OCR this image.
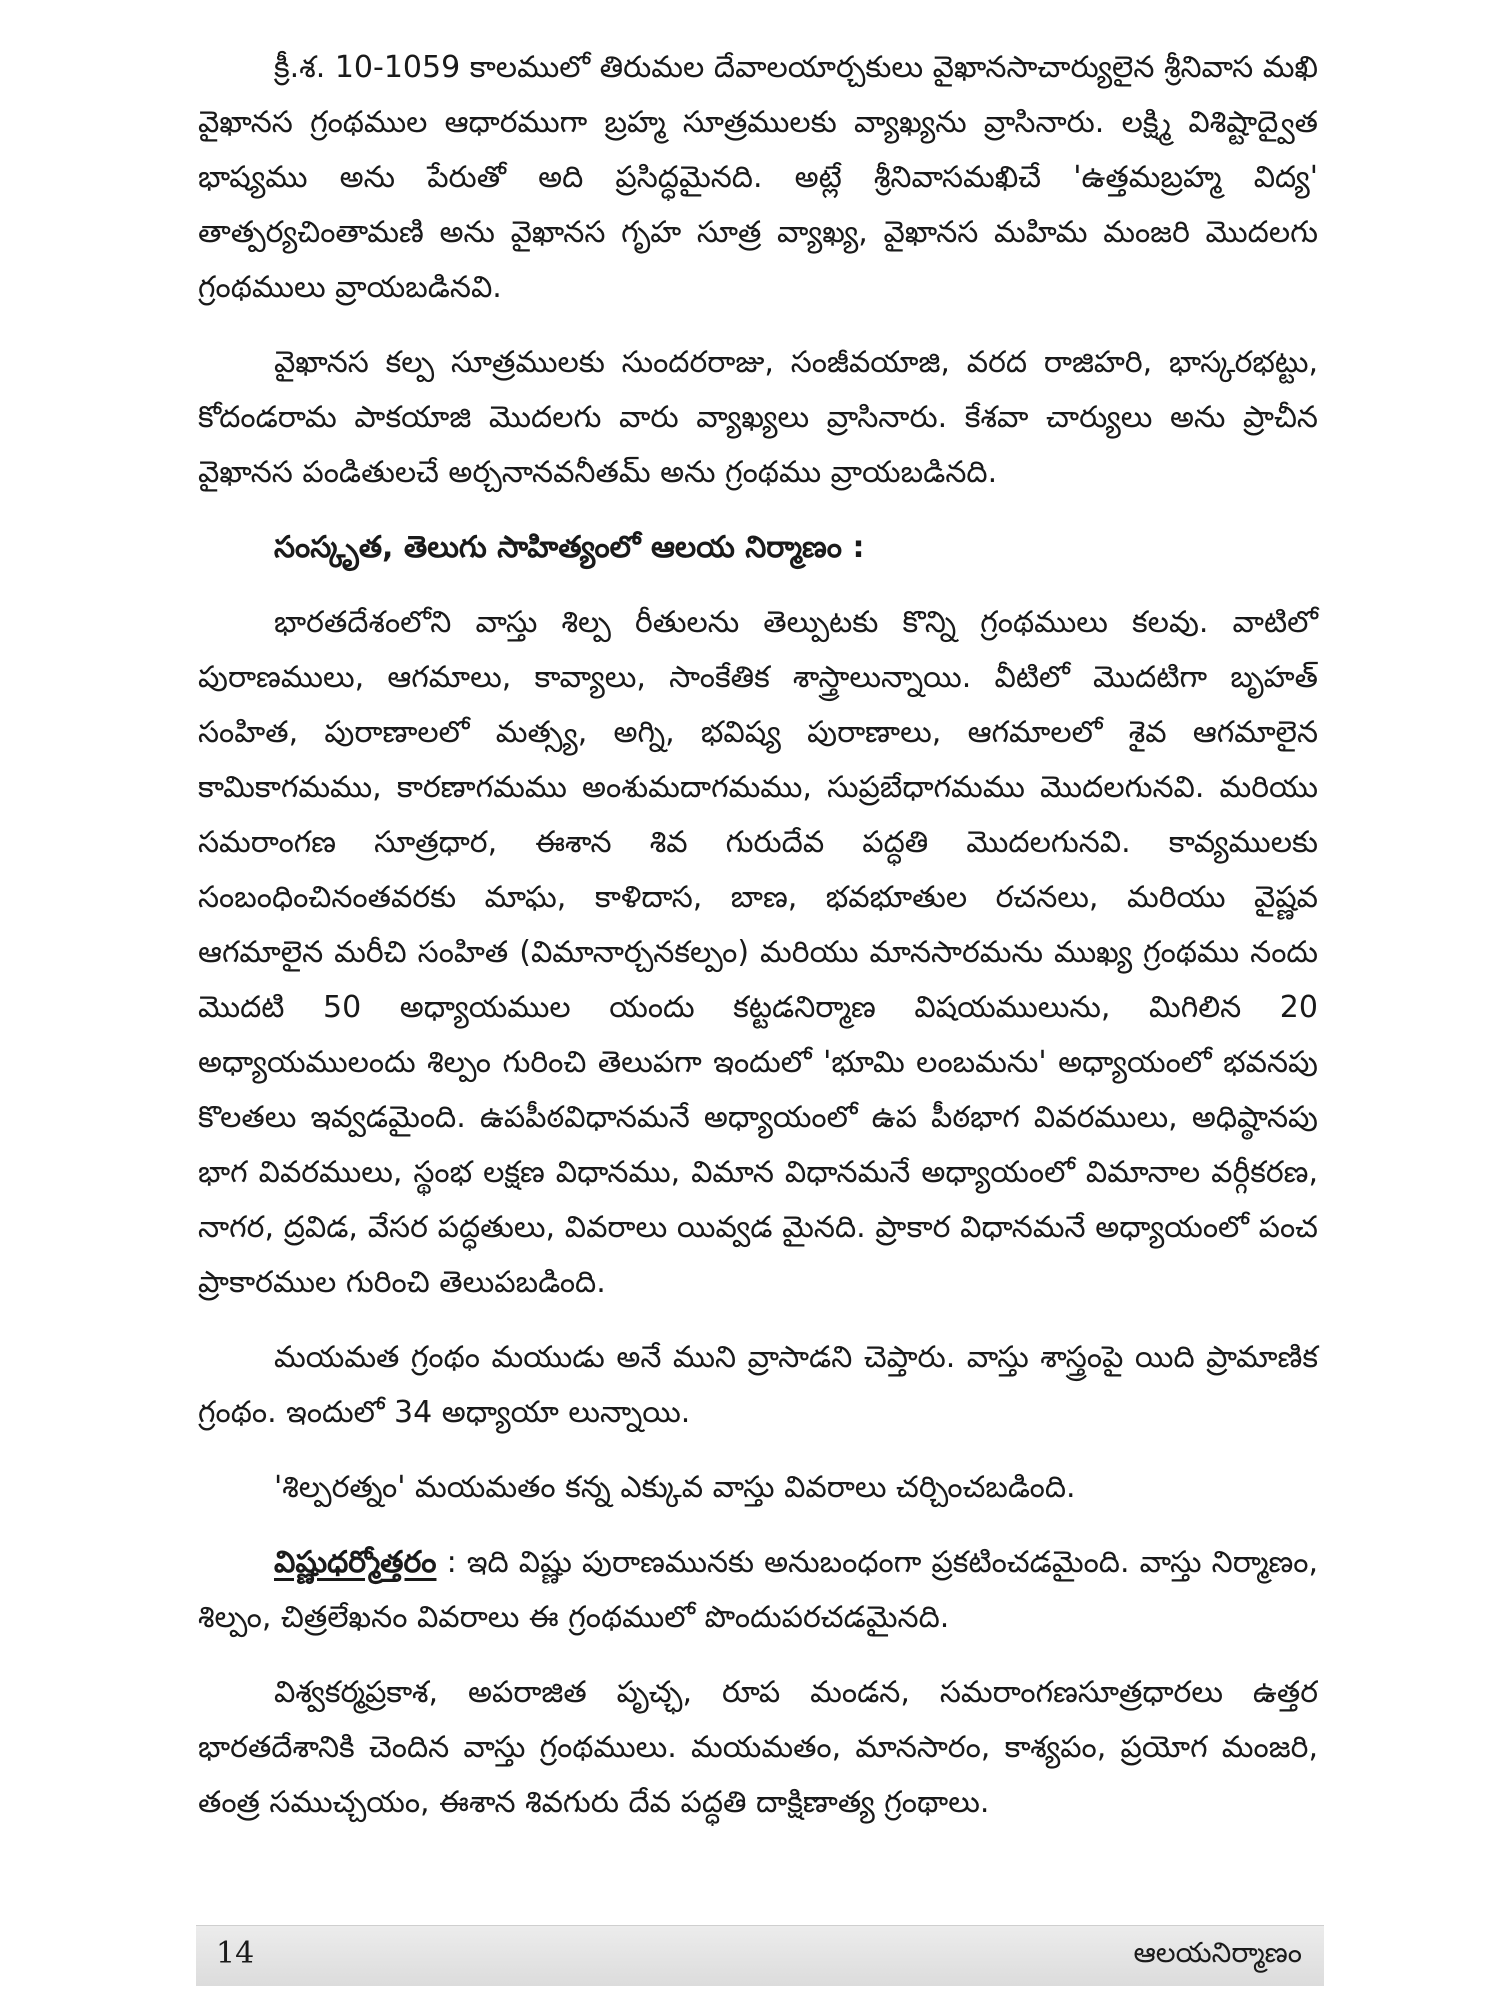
క్రీ.శ. 10-1059 కాలములో తిరుమల దేవాలయార్చకులు వైఖానసాచార్యులైన శ్రీనివాస మఖి వైఖానస గ్రంథముల ఆధారముగా బ్రహ్మ సూత్రములకు వ్యాఖ్యను వ్రాసినారు. లక్ష్మి విశిష్టాద్వైత భాష్యము అను పేరుతో అది ప్రసిద్ధమైనది. అట్లే శ్రీనివాసమఖిచే 'ఉత్తమబ్రహ్మ విద్య' తాత్పర్యచింతామణి అను వైఖానస గృహ సూత్ర వ్యాఖ్య, వైఖానస మహిమ మంజరి మొదలగు గ్రంథములు వ్రాయబడినవి.

వైఖానస కల్ప సూత్రములకు సుందరరాజు, సంజీవయాజి, వరద రాజిహరి, భాస్కరభట్టు, కోదండరామ పాకయాజి మొదలగు వారు వ్యాఖ్యలు వ్రాసినారు. కేశవా చార్యులు అను ప్రాచీన వైఖానస పండితులచే అర్చనానవనీతమ్ అను గ్రంథము వ్రాయబడినది.

సంస్కృత, తెలుగు సాహిత్యంలో ఆలయ నిర్మాణం :

భారతదేశంలోని వాస్తు శిల్ప రీతులను తెల్పుటకు కొన్ని గ్రంథములు కలవు. వాటిలో పురాణములు, ఆగమాలు, కావ్యాలు, సాంకేతిక శాస్త్రాలున్నాయి. వీటిలో మొదటిగా బృహత్ సంహిత, పురాణాలలో మత్స్య, అగ్ని, భవిష్య పురాణాలు, ఆగమాలలో శైవ ఆగమాలైన కామికాగమము, కారణాగమము అంశుమదాగమము, సుప్రబేధాగమము మొదలగునవి. మరియు సమరాంగణ సూత్రధార, ఈశాన శివ గురుదేవ పద్ధతి మొదలగునవి. కావ్యములకు సంబంధించినంతవరకు మాఘ, కాళిదాస, బాణ, భవభూతుల రచనలు, మరియు వైష్ణవ ఆగమాలైన మరీచి సంహిత (విమానార్చనకల్పం) మరియు మానసారమను ముఖ్య గ్రంథము నందు మొదటి 50 అధ్యాయముల యందు కట్టడనిర్మాణ విషయములును, మిగిలిన 20 అధ్యాయములందు శిల్పం గురించి తెలుపగా ఇందులో 'భూమి లంబమను' అధ్యాయంలో భవనపు కొలతలు ఇవ్వడమైంది. ఉపపీఠవిధానమనే అధ్యాయంలో ఉప పీఠభాగ వివరములు, అధిష్ఠానపు భాగ వివరములు, స్థంభ లక్షణ విధానము, విమాన విధానమనే అధ్యాయంలో విమానాల వర్గీకరణ, నాగర, ద్రవిడ, వేసర పద్ధతులు, వివరాలు యివ్వడ మైనది. ప్రాకార విధానమనే అధ్యాయంలో పంచ ప్రాకారముల గురించి తెలుపబడింది.

మయమత గ్రంథం మయుడు అనే ముని వ్రాసాడని చెప్తారు. వాస్తు శాస్త్రంపై యిది ప్రామాణిక గ్రంథం. ఇందులో 34 అధ్యాయా లున్నాయి.

'శిల్పరత్నం' మయమతం కన్న ఎక్కువ వాస్తు వివరాలు చర్చించబడింది.

విష్ణుధర్మోత్తరం : ఇది విష్ణు పురాణమునకు అనుబంధంగా ప్రకటించడమైంది. వాస్తు నిర్మాణం, శిల్పం, చిత్రలేఖనం వివరాలు ఈ గ్రంథములో పొందుపరచడమైనది.

విశ్వకర్మప్రకాశ, అపరాజిత పృచ్ఛ, రూప మండన, సమరాంగణసూత్రధారలు ఉత్తర భారతదేశానికి చెందిన వాస్తు గ్రంథములు. మయమతం, మానసారం, కాశ్యపం, ప్రయోగ మంజరి, తంత్ర సముచ్చయం, ఈశాన శివగురు దేవ పద్ధతి దాక్షిణాత్య గ్రంథాలు.

14	ఆలయనిర్మాణం
